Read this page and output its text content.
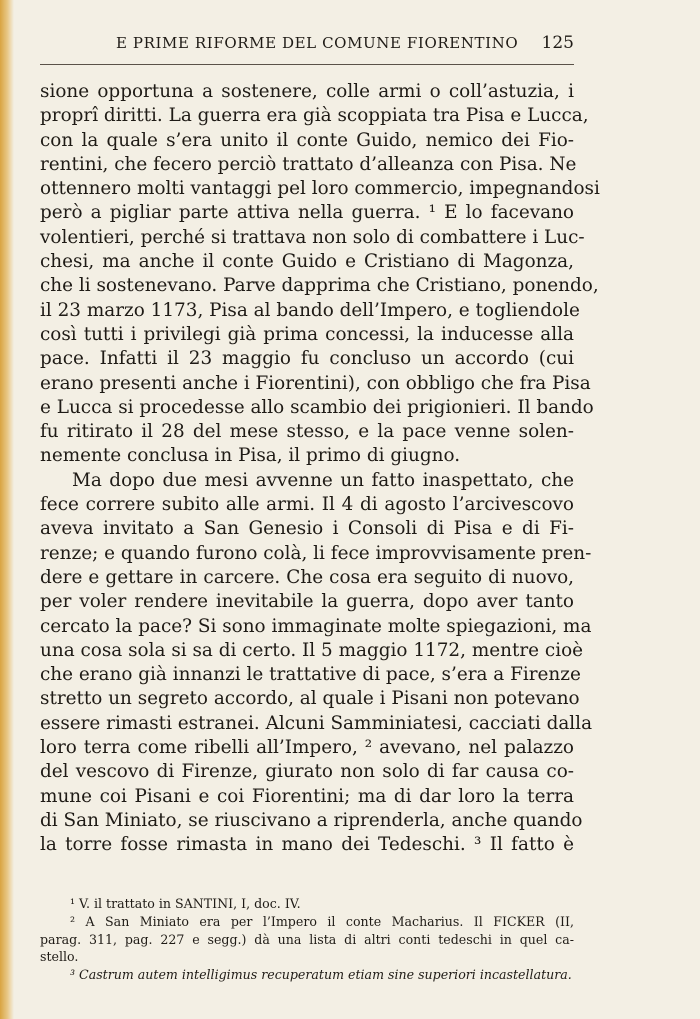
E PRIME RIFORME DEL COMUNE FIORENTINO 125
sione opportuna a sostenere, colle armi o coll’astuzia, i
proprî diritti. La guerra era già scoppiata tra Pisa e Lucca,
con la quale s’era unito il conte Guido, nemico dei Fio-
rentini, che fecero perciò trattato d’alleanza con Pisa. Ne
ottennero molti vantaggi pel loro commercio, impegnandosi
però a pigliar parte attiva nella guerra. ¹ E lo facevano
volentieri, perché si trattava non solo di combattere i Luc-
chesi, ma anche il conte Guido e Cristiano di Magonza,
che li sostenevano. Parve dapprima che Cristiano, ponendo,
il 23 marzo 1173, Pisa al bando dell’Impero, e togliendole
così tutti i privilegi già prima concessi, la inducesse alla
pace. Infatti il 23 maggio fu concluso un accordo (cui
erano presenti anche i Fiorentini), con obbligo che fra Pisa
e Lucca si procedesse allo scambio dei prigionieri. Il bando
fu ritirato il 28 del mese stesso, e la pace venne solen-
nemente conclusa in Pisa, il primo di giugno.
Ma dopo due mesi avvenne un fatto inaspettato, che
fece correre subito alle armi. Il 4 di agosto l’arcivescovo
aveva invitato a San Genesio i Consoli di Pisa e di Fi-
renze; e quando furono colà, li fece improvvisamente pren-
dere e gettare in carcere. Che cosa era seguito di nuovo,
per voler rendere inevitabile la guerra, dopo aver tanto
cercato la pace? Si sono immaginate molte spiegazioni, ma
una cosa sola si sa di certo. Il 5 maggio 1172, mentre cioè
che erano già innanzi le trattative di pace, s’era a Firenze
stretto un segreto accordo, al quale i Pisani non potevano
essere rimasti estranei. Alcuni Samminiatesi, cacciati dalla
loro terra come ribelli all’Impero, ² avevano, nel palazzo
del vescovo di Firenze, giurato non solo di far causa co-
mune coi Pisani e coi Fiorentini; ma di dar loro la terra
di San Miniato, se riuscivano a riprenderla, anche quando
la torre fosse rimasta in mano dei Tedeschi. ³ Il fatto è
¹ V. il trattato in SANTINI, I, doc. IV.
² A San Miniato era per l’Impero il conte Macharius. Il FICKER (II,
parag. 311, pag. 227 e segg.) dà una lista di altri conti tedeschi in quel ca-
stello.
³ Castrum autem intelligimus recuperatum etiam sine superiori incastellatura.
